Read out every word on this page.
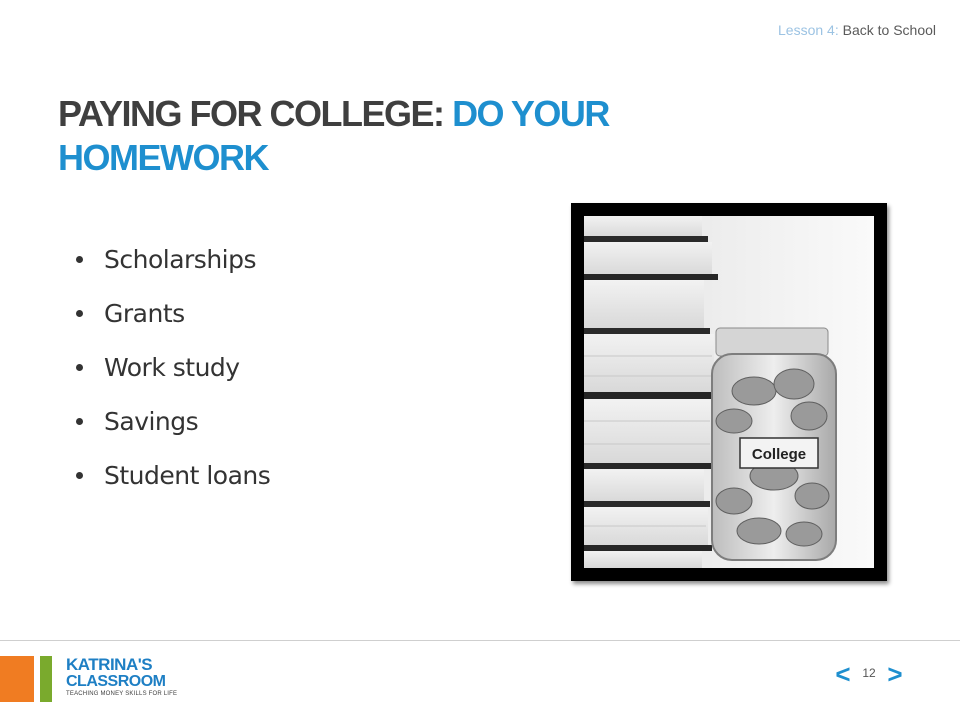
Lesson 4: Back to School
PAYING FOR COLLEGE: DO YOUR HOMEWORK
Scholarships
Grants
Work study
Savings
Student loans
College
KATRINA'S
CLASSROOM
TEACHING MONEY SKILLS FOR LIFE
< 12 >
